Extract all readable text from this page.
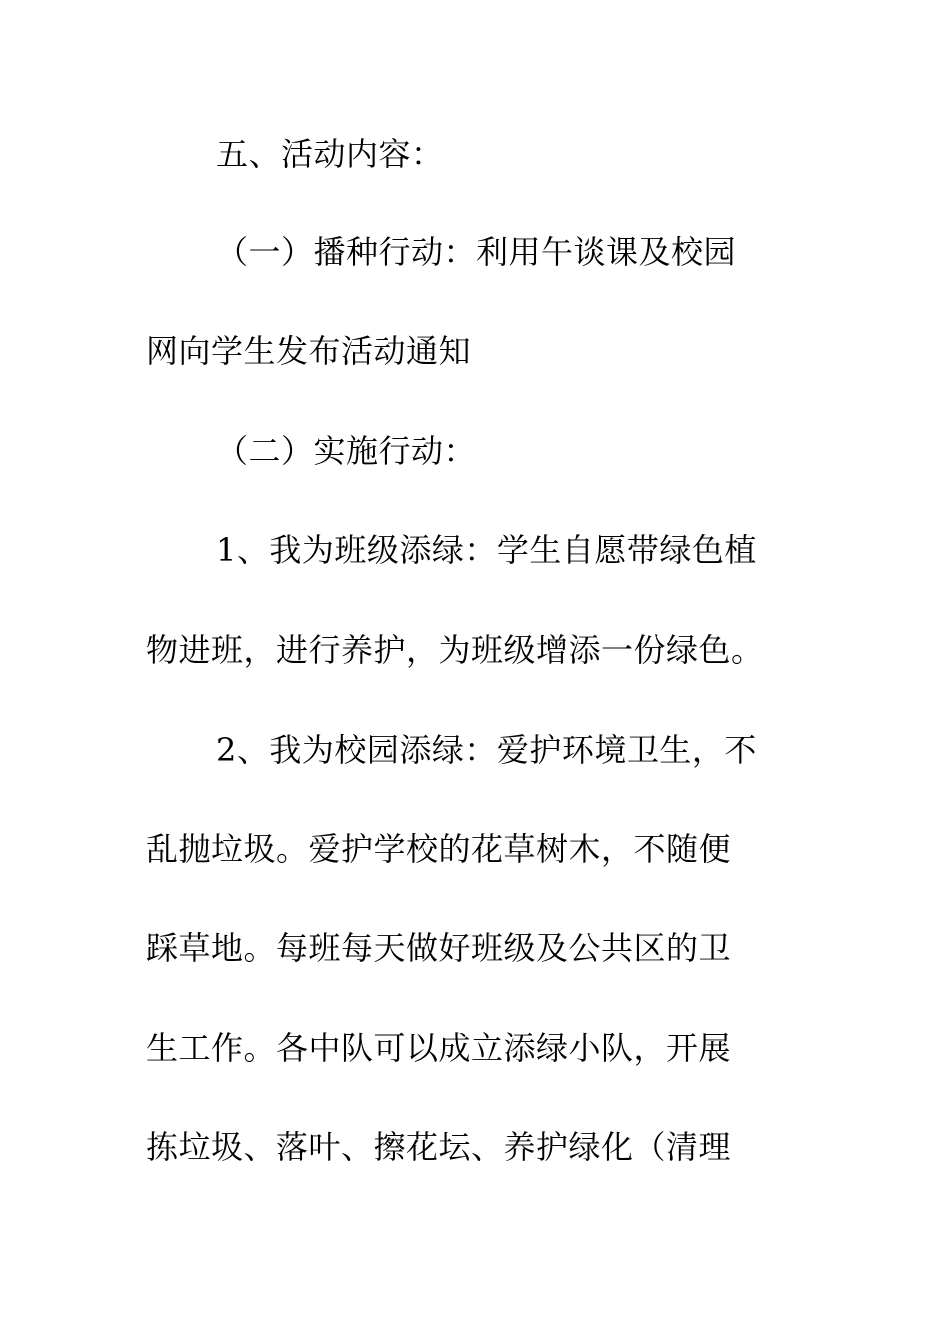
五、活动内容：
（一）播种行动：利用午谈课及校园
网向学生发布活动通知
（二）实施行动：
1、我为班级添绿：学生自愿带绿色植
物进班，进行养护，为班级增添一份绿色。
2、我为校园添绿：爱护环境卫生，不
乱抛垃圾。爱护学校的花草树木，不随便
踩草地。每班每天做好班级及公共区的卫
生工作。各中队可以成立添绿小队，开展
拣垃圾、落叶、擦花坛、养护绿化（清理
